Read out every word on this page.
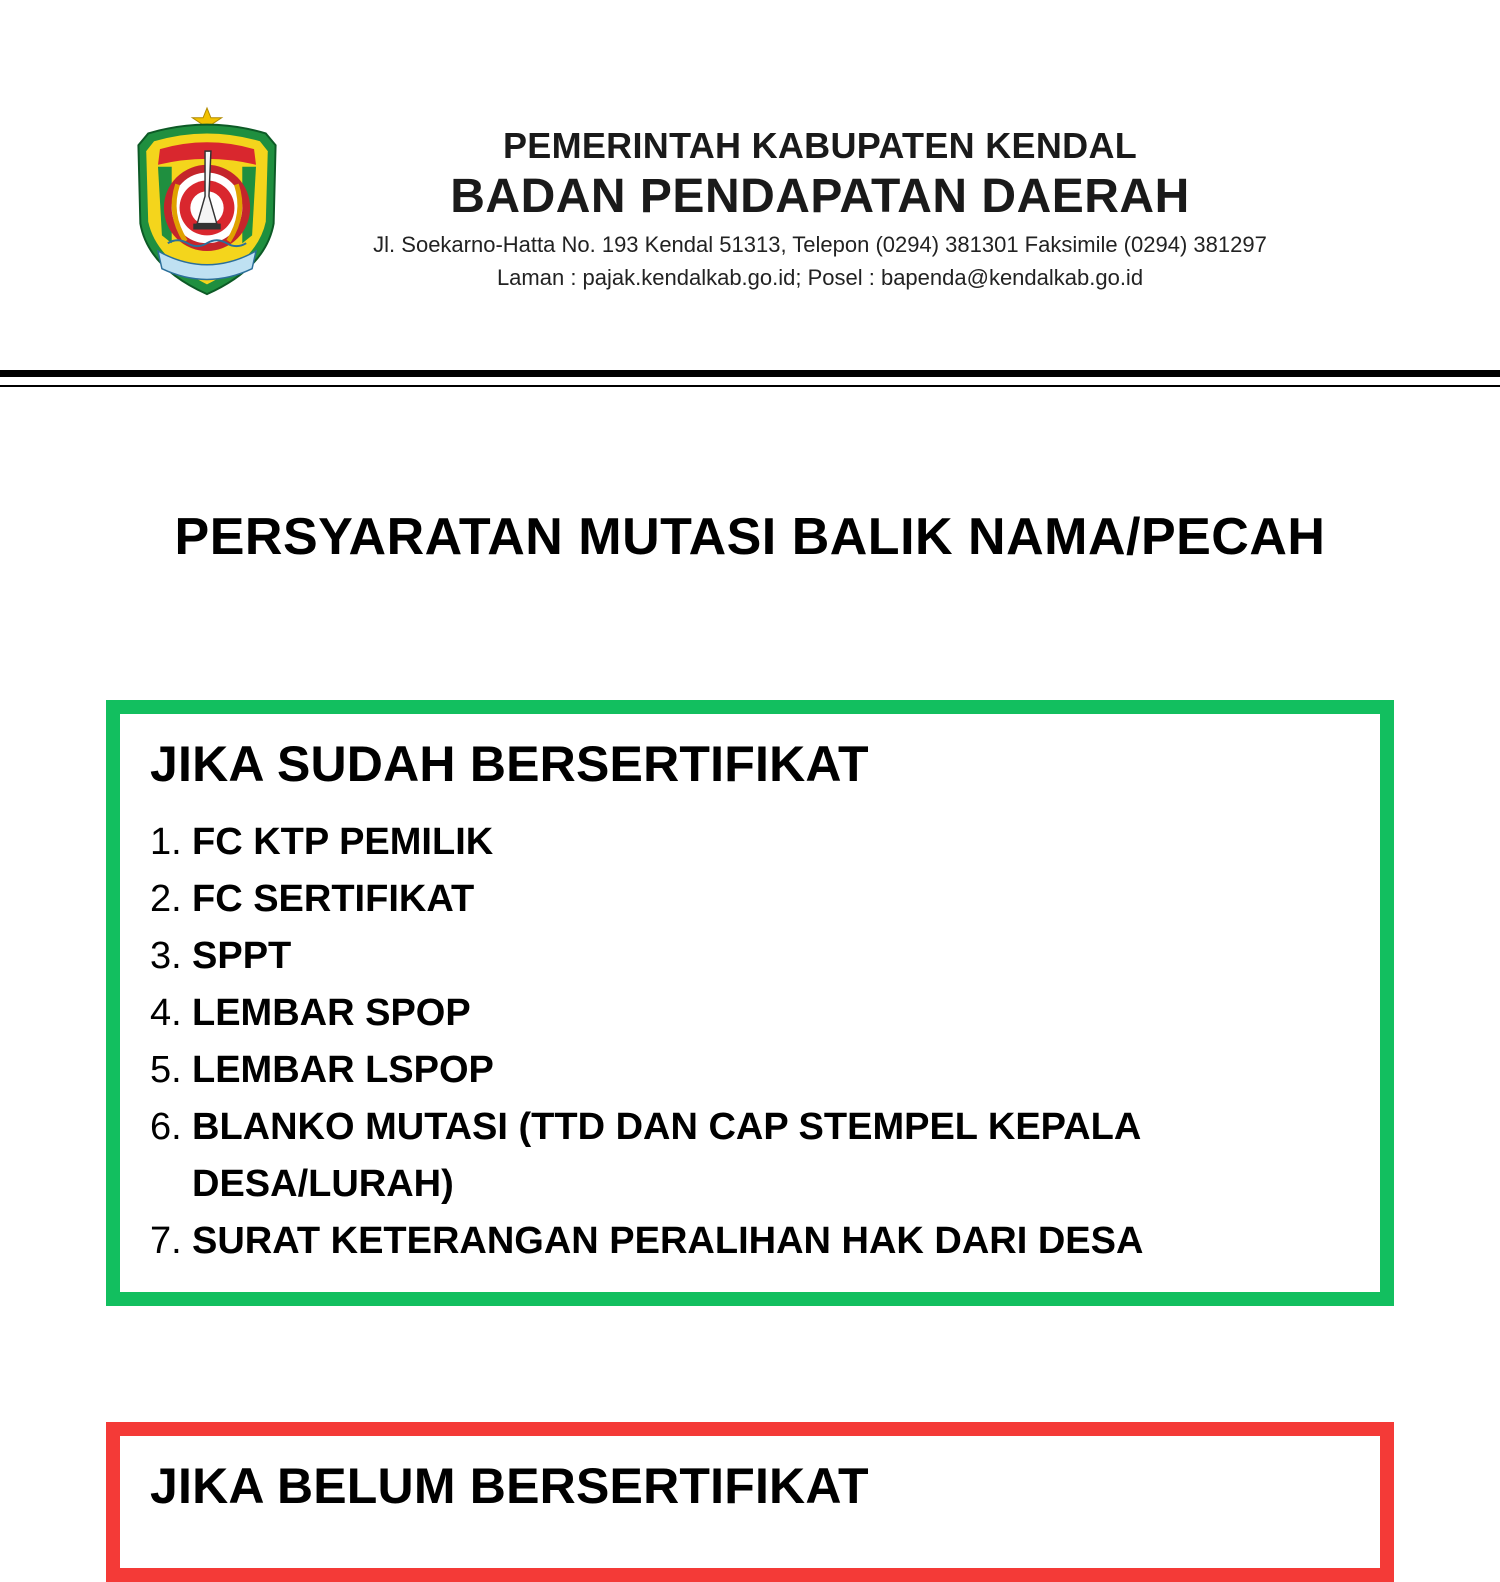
PEMERINTAH KABUPATEN KENDAL
BADAN PENDAPATAN DAERAH
Jl. Soekarno-Hatta No. 193 Kendal 51313, Telepon (0294) 381301 Faksimile (0294) 381297
Laman : pajak.kendalkab.go.id; Posel : bapenda@kendalkab.go.id
PERSYARATAN MUTASI BALIK NAMA/PECAH
JIKA SUDAH BERSERTIFIKAT
1. FC KTP PEMILIK
2. FC SERTIFIKAT
3. SPPT
4. LEMBAR SPOP
5. LEMBAR LSPOP
6. BLANKO MUTASI (TTD DAN CAP STEMPEL KEPALA DESA/LURAH)
7. SURAT KETERANGAN PERALIHAN HAK DARI DESA
JIKA BELUM BERSERTIFIKAT
